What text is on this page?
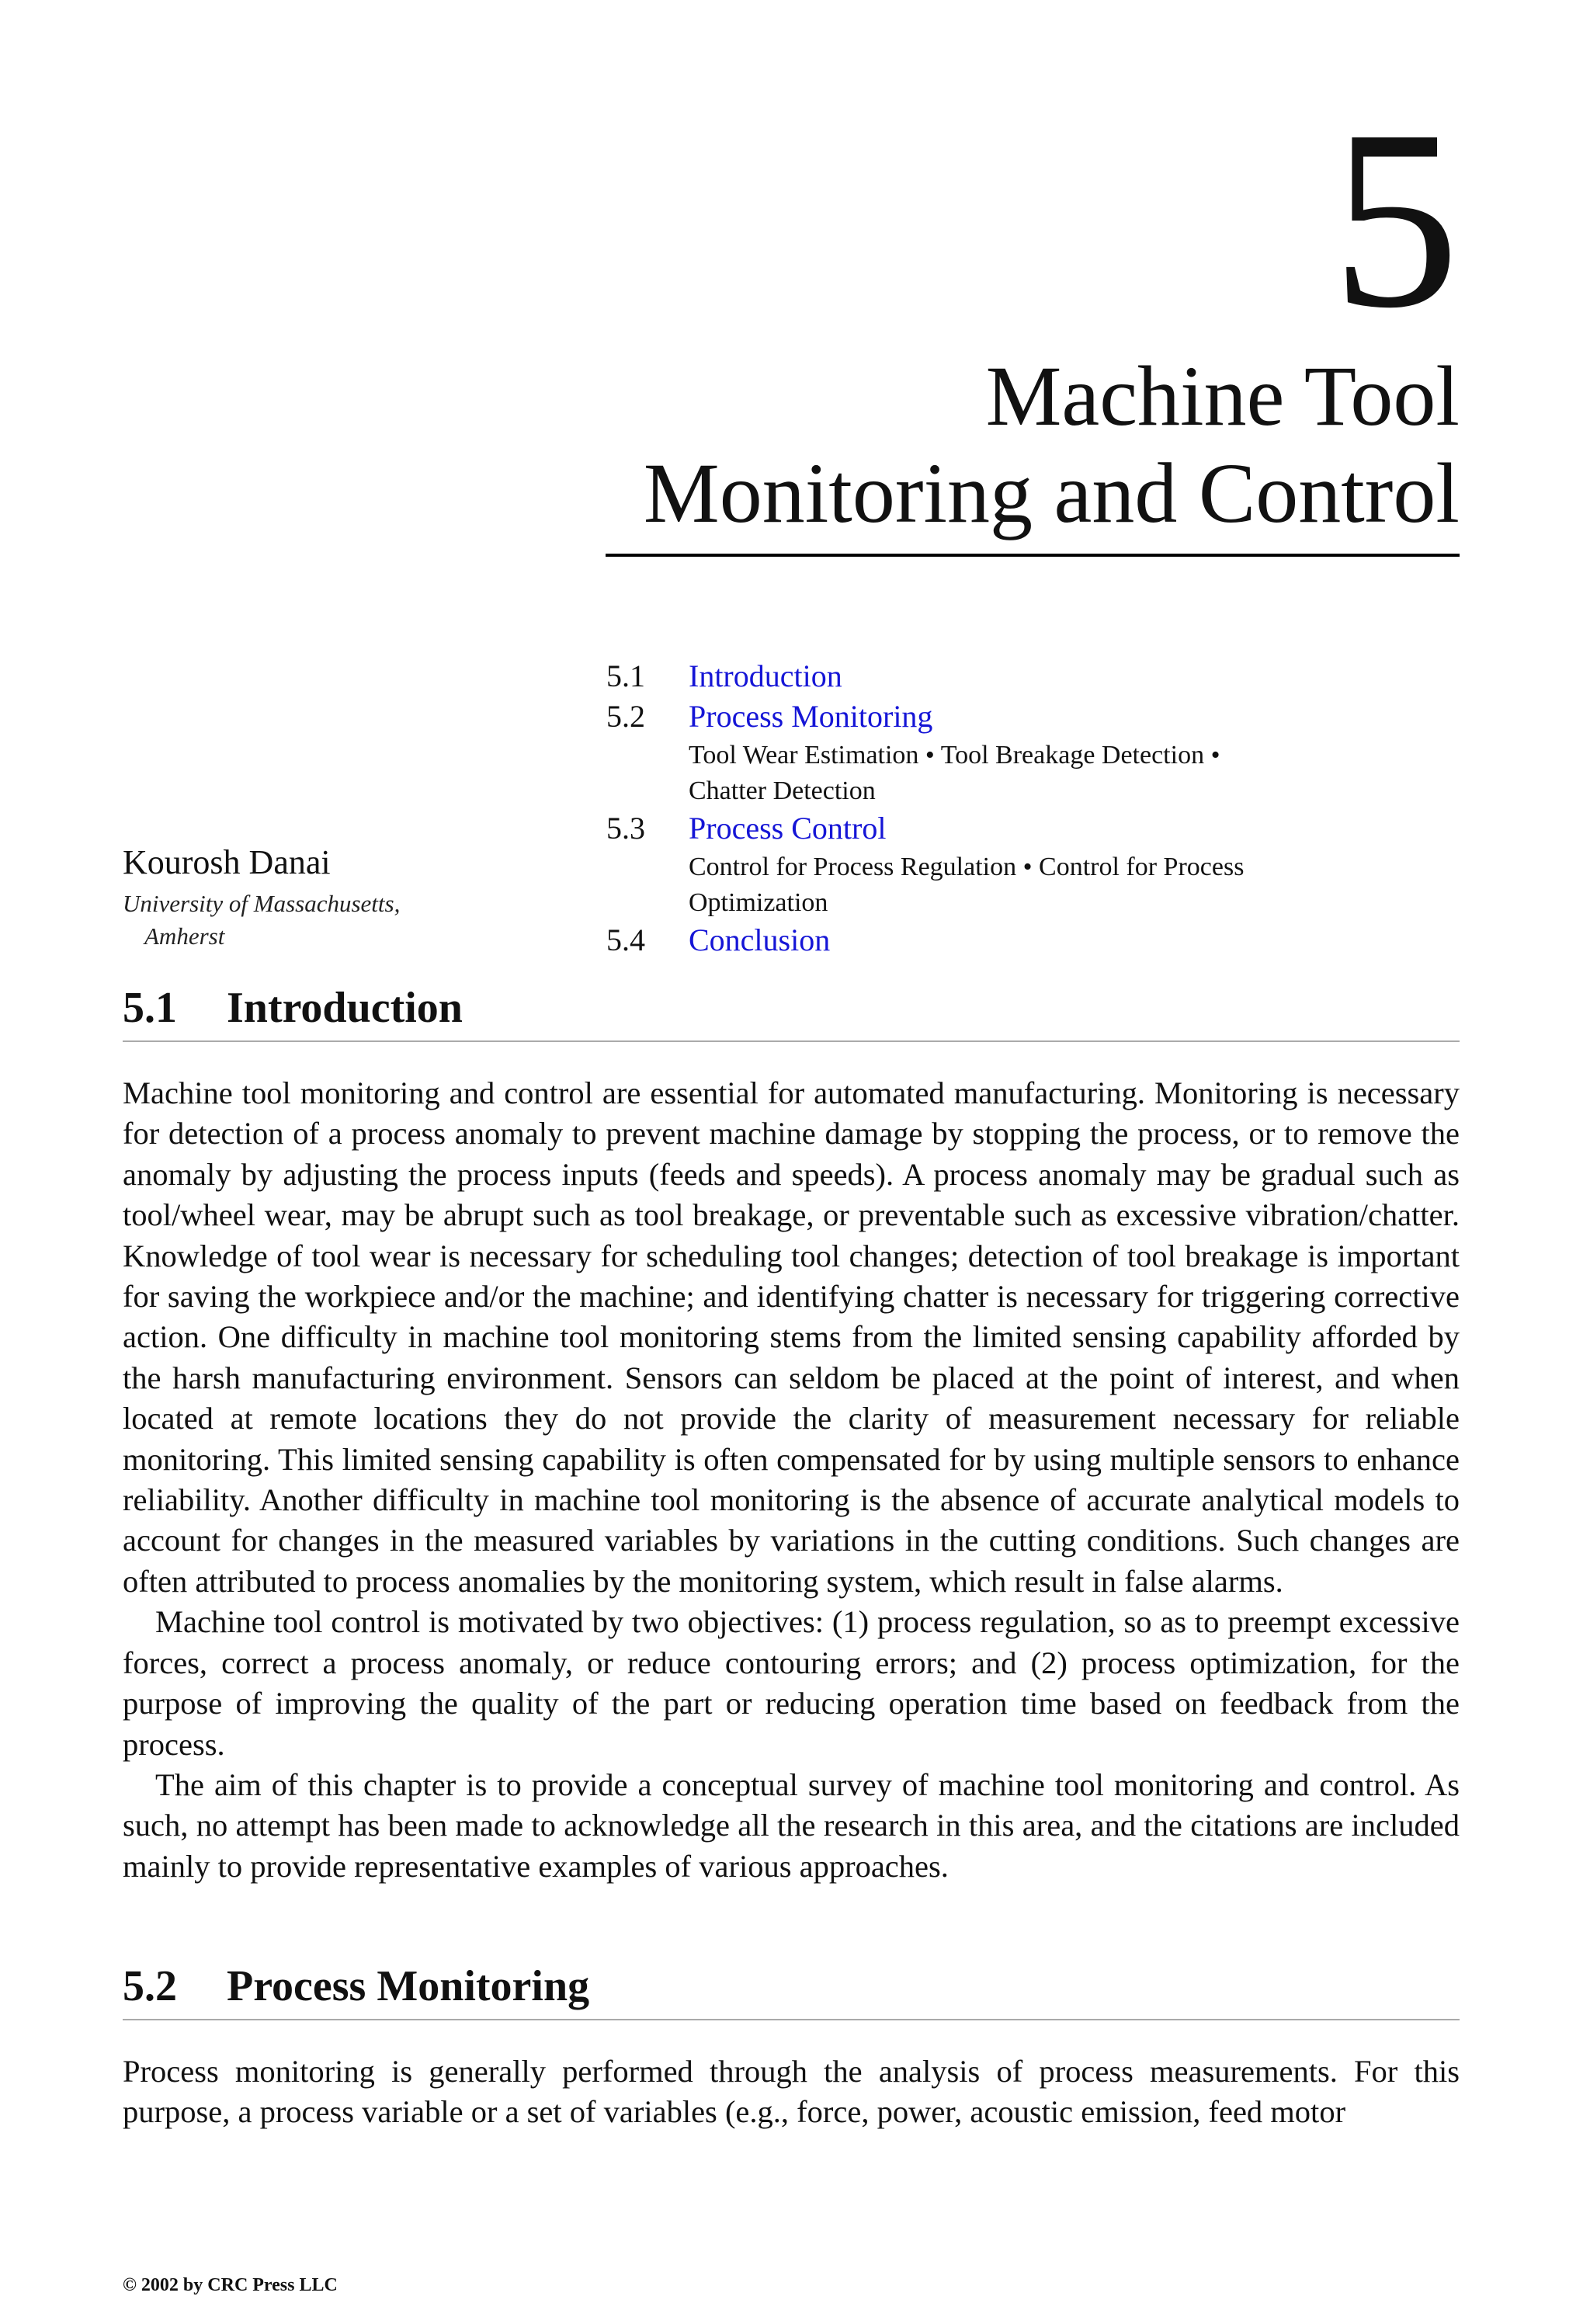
5
Machine Tool
Monitoring and Control
5.1 Introduction
5.2 Process Monitoring
Tool Wear Estimation • Tool Breakage Detection •
Chatter Detection
5.3 Process Control
Control for Process Regulation • Control for Process
Optimization
5.4 Conclusion

Kourosh Danai

University of Massachusetts,
Amherst

5.1 Introduction

Machine tool monitoring and control are essential for automated manufacturing. Monitoring is necessary for detection of a process anomaly to prevent machine damage by stopping the process, or to remove the anomaly by adjusting the process inputs (feeds and speeds). A process anomaly may be gradual such as tool/wheel wear, may be abrupt such as tool breakage, or preventable such as excessive vibration/chatter. Knowledge of tool wear is necessary for scheduling tool changes; detection of tool breakage is important for saving the workpiece and/or the machine; and identifying chatter is necessary for triggering corrective action. One difficulty in machine tool monitoring stems from the limited sensing capability afforded by the harsh manufacturing environment. Sensors can seldom be placed at the point of interest, and when located at remote locations they do not provide the clarity of measurement necessary for reliable monitoring. This limited sensing capability is often compensated for by using multiple sensors to enhance reliability. Another difficulty in machine tool monitoring is the absence of accurate analytical models to account for changes in the measured variables by variations in the cutting conditions. Such changes are often attributed to process anomalies by the monitoring system, which result in false alarms.

Machine tool control is motivated by two objectives: (1) process regulation, so as to preempt excessive forces, correct a process anomaly, or reduce contouring errors; and (2) process optimization, for the purpose of improving the quality of the part or reducing operation time based on feedback from the process.

The aim of this chapter is to provide a conceptual survey of machine tool monitoring and control. As such, no attempt has been made to acknowledge all the research in this area, and the citations are included mainly to provide representative examples of various approaches.

5.2 Process Monitoring

Process monitoring is generally performed through the analysis of process measurements. For this purpose, a process variable or a set of variables (e.g., force, power, acoustic emission, feed motor

© 2002 by CRC Press LLC
